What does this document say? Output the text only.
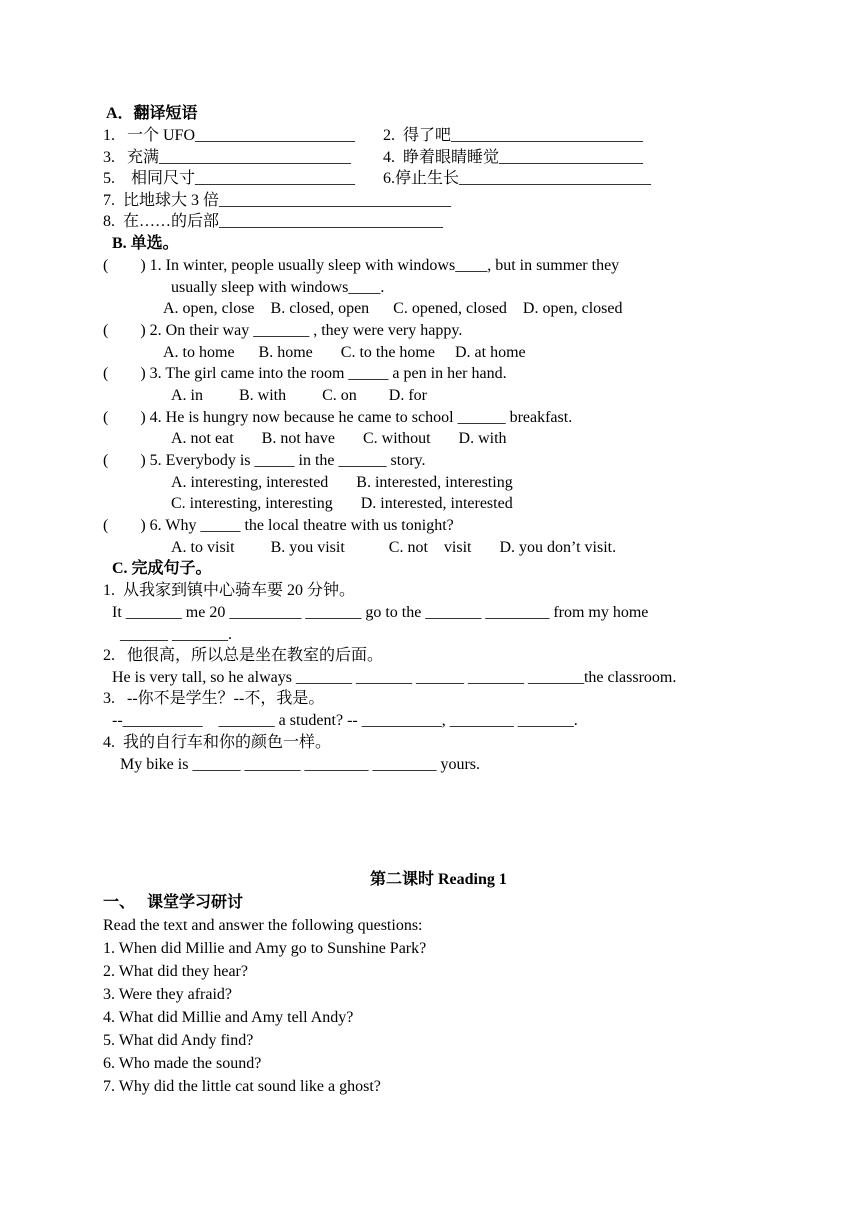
A．翻译短语
1.   一个 UFO____________________       2.  得了吧________________________
3.   充满________________________        4.  睁着眼睛睡觉__________________
5.    相同尺寸____________________       6.停止生长________________________
7.  比地球大 3 倍_____________________________
8.  在……的后部____________________________
B. 单选。
(        ) 1. In winter, people usually sleep with windows____, but in summer they
usually sleep with windows____.
A. open, close    B. closed, open      C. opened, closed    D. open, closed
(        ) 2. On their way _______ , they were very happy.
A. to home      B. home       C. to the home     D. at home
(        ) 3. The girl came into the room _____ a pen in her hand.
A. in         B. with         C. on        D. for
(        ) 4. He is hungry now because he came to school ______ breakfast.
A. not eat       B. not have       C. without       D. with
(        ) 5. Everybody is _____ in the ______ story.
A. interesting, interested       B. interested, interesting
C. interesting, interesting       D. interested, interested
(        ) 6. Why _____ the local theatre with us tonight?
A. to visit         B. you visit           C. not    visit       D. you don’t visit.
C. 完成句子。
1.  从我家到镇中心骑车要 20 分钟。
It _______ me 20 _________ _______ go to the _______ ________ from my home
______ _______.
2.   他很高，所以总是坐在教室的后面。
He is very tall, so he always _______ _______ ______ _______ _______the classroom.
3.   --你不是学生？--不，我是。
--__________    _______ a student? -- __________, ________ _______.
4.  我的自行车和你的颜色一样。
My bike is ______ _______ ________ ________ yours.
第二课时 Reading 1
一、   课堂学习研讨
Read the text and answer the following questions:
1. When did Millie and Amy go to Sunshine Park?
2. What did they hear?
3. Were they afraid?
4. What did Millie and Amy tell Andy?
5. What did Andy find?
6. Who made the sound?
7. Why did the little cat sound like a ghost?
